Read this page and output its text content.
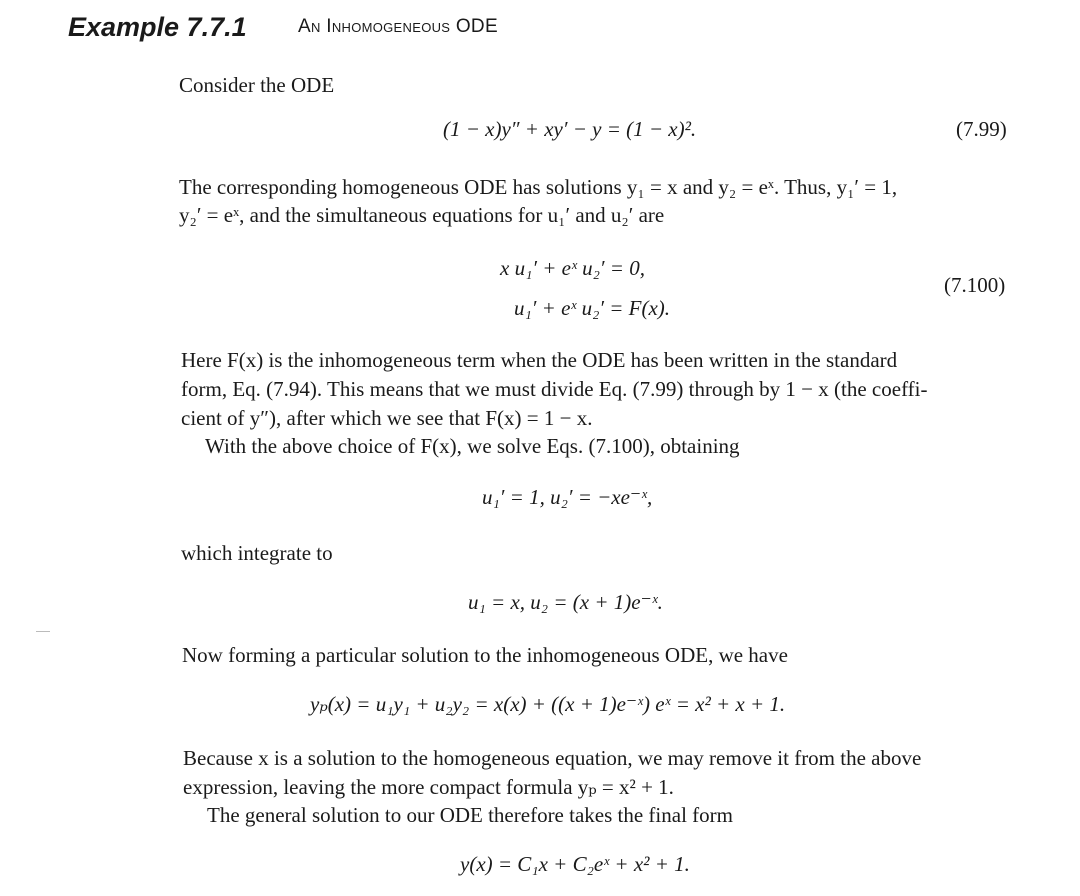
Example 7.7.1	An Inhomogeneous ODE
Consider the ODE
(1 − x)y″ + xy′ − y = (1 − x)².	(7.99)
The corresponding homogeneous ODE has solutions y₁ = x and y₂ = eˣ. Thus, y₁′ = 1,
y₂′ = eˣ, and the simultaneous equations for u₁′ and u₂′ are
x u₁′ + eˣ u₂′ = 0,
u₁′ + eˣ u₂′ = F(x).
(7.100)
Here F(x) is the inhomogeneous term when the ODE has been written in the standard
form, Eq. (7.94). This means that we must divide Eq. (7.99) through by 1 − x (the coeffi-
cient of y″), after which we see that F(x) = 1 − x.
With the above choice of F(x), we solve Eqs. (7.100), obtaining
u₁′ = 1, u₂′ = −xe⁻ˣ,
which integrate to
u₁ = x, u₂ = (x + 1)e⁻ˣ.
Now forming a particular solution to the inhomogeneous ODE, we have
yₚ(x) = u₁y₁ + u₂y₂ = x(x) + ((x + 1)e⁻ˣ) eˣ = x² + x + 1.
Because x is a solution to the homogeneous equation, we may remove it from the above
expression, leaving the more compact formula yₚ = x² + 1.
The general solution to our ODE therefore takes the final form
y(x) = C₁x + C₂eˣ + x² + 1.
